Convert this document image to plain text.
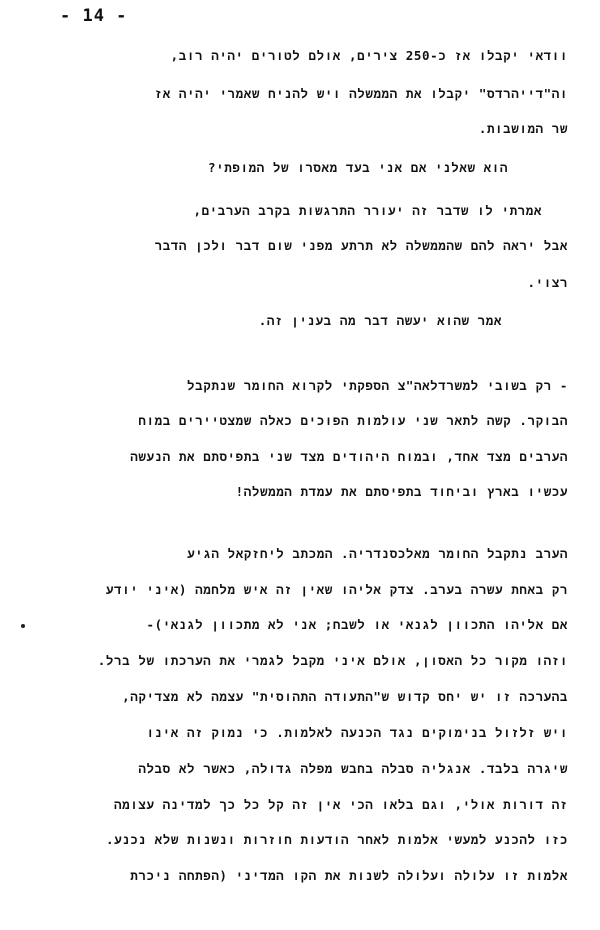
- 14 -
וודאי יקבלו אז כ-250 צירים, אולם לטורים יהיה רוב,
וה"דייהרדס" יקבלו את הממשלה ויש להניח שאמרי יהיה אז
שר המושבות.
הוא שאלני אם אני בעד מאסרו של המופתי?
אמרתי לו שדבר זה יעורר התרגשות בקרב הערבים,
אבל יראה להם שהממשלה לא תרתע מפני שום דבר ולכן הדבר
רצוי.
אמר שהוא יעשה דבר מה בענין זה.
- רק בשובי למשרדלאה"צ הספקתי לקרוא החומר שנתקבל
הבוקר. קשה לתאר שני עולמות הפוכים כאלה שמצטיירים במוח
הערבים מצד אחד, ובמוח היהודים מצד שני בתפיסתם את הנעשה
עכשיו בארץ וביחוד בתפיסתם את עמדת הממשלה!
הערב נתקבל החומר מאלכסנדריה. המכתב ליחזקאל הגיע
רק באחת עשרה בערב. צדק אליהו שאין זה איש מלחמה (איני יודע
אם אליהו התכוון לגנאי או לשבח; אני לא מתכוון לגנאי)-
וזהו מקור כל האסון, אולם איני מקבל לגמרי את הערכתו של ברל.
בהערכה זו יש יחס קדוש ש"התעודה התהוסית" עצמה לא מצדיקה,
ויש זלזול בנימוקים נגד הכנעה לאלמות. כי נמוק זה אינו
שיגרה בלבד. אנגליה סבלה בחבש מפלה גדולה, כאשר לא סבלה
זה דורות אולי, וגם בלאו הכי אין זה קל כל כך למדינה עצומה
כזו להכנע למעשי אלמות לאחר הודעות חוזרות ונשנות שלא נכנע.
אלמות זו עלולה ועלולה לשנות את הקו המדיני (הפתחה ניכרת
